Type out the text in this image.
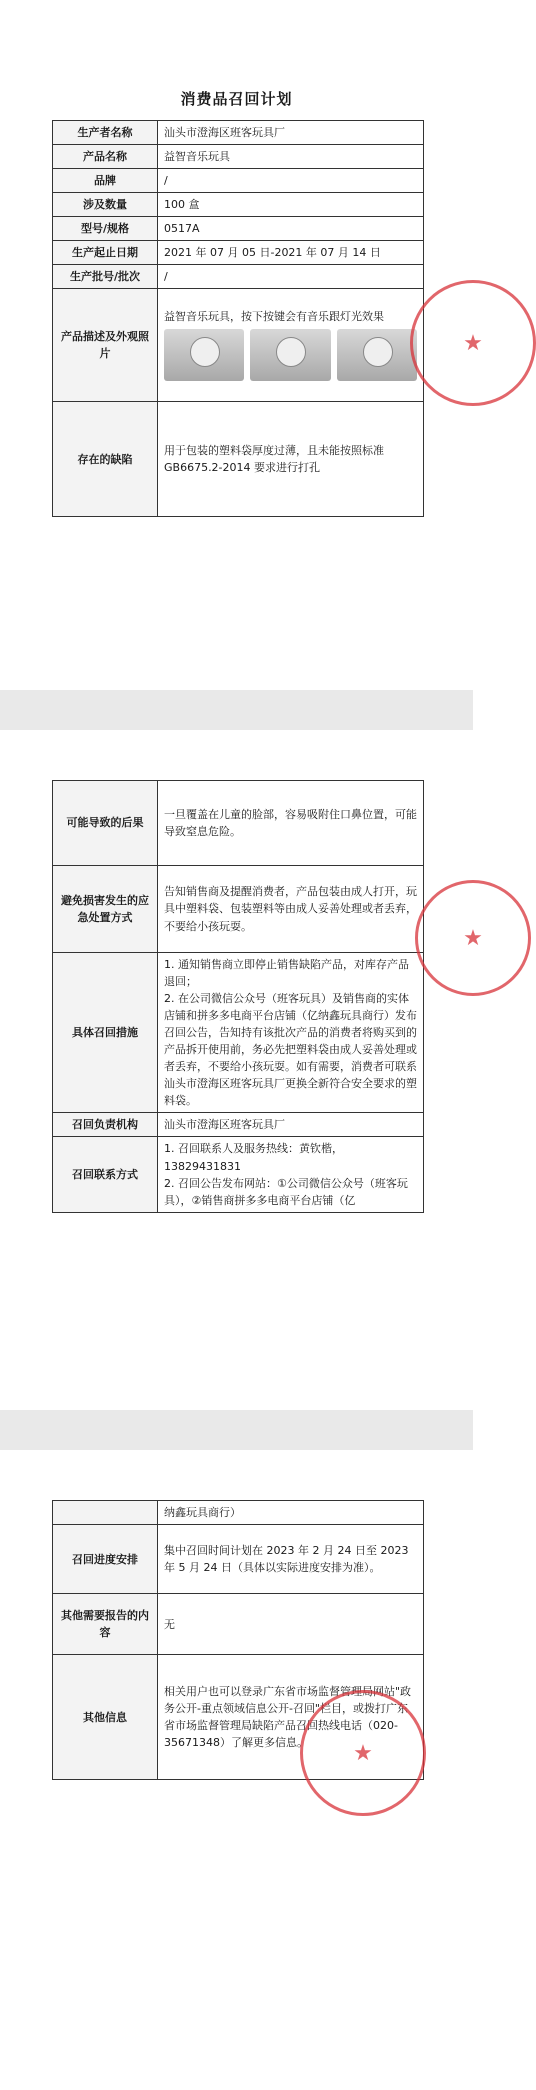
消费品召回计划
生产者名称	汕头市澄海区班客玩具厂
产品名称	益智音乐玩具
品牌	/
涉及数量	100 盒
型号/规格	0517A
生产起止日期	2021 年 07 月 05 日-2021 年 07 月 14 日
生产批号/批次	/
产品描述及外观照片	益智音乐玩具，按下按键会有音乐跟灯光效果

存在的缺陷	用于包装的塑料袋厚度过薄，且未能按照标准 GB6675.2-2014 要求进行打孔
可能导致的后果	一旦覆盖在儿童的脸部，容易吸附住口鼻位置，可能导致窒息危险。
避免损害发生的应急处置方式	告知销售商及提醒消费者，产品包装由成人打开，玩具中塑料袋、包装塑料等由成人妥善处理或者丢弃，不要给小孩玩耍。
具体召回措施	1. 通知销售商立即停止销售缺陷产品，对库存产品退回；

2. 在公司微信公众号（班客玩具）及销售商的实体店铺和拼多多电商平台店铺（亿纳鑫玩具商行）发布召回公告，告知持有该批次产品的消费者将购买到的产品拆开使用前，务必先把塑料袋由成人妥善处理或者丢弃，不要给小孩玩耍。如有需要，消费者可联系汕头市澄海区班客玩具厂更换全新符合安全要求的塑料袋。

召回负责机构	汕头市澄海区班客玩具厂
召回联系方式	1. 召回联系人及服务热线：黄钦楷，13829431831

2. 召回公告发布网站：①公司微信公众号（班客玩具），②销售商拼多多电商平台店铺（亿

	纳鑫玩具商行）
召回进度安排	集中召回时间计划在 2023 年 2 月 24 日至 2023 年 5 月 24 日（具体以实际进度安排为准）。
其他需要报告的内容	无
其他信息	相关用户也可以登录广东省市场监督管理局网站"政务公开-重点领域信息公开-召回"栏目，或拨打广东省市场监督管理局缺陷产品召回热线电话（020-35671348）了解更多信息。
★
★
★
